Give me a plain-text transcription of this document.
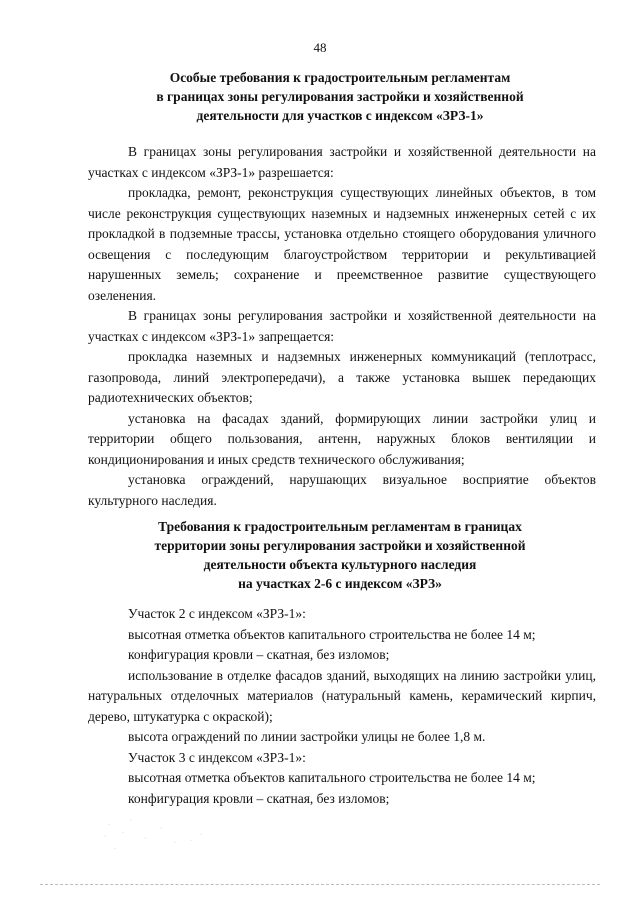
48
Особые требования к градостроительным регламентам
в границах зоны регулирования застройки и хозяйственной
деятельности для участков с индексом «ЗРЗ-1»

В границах зоны регулирования застройки и хозяйственной деятельности на участках с индексом «ЗРЗ-1» разрешается:

прокладка, ремонт, реконструкция существующих линейных объектов, в том числе реконструкция существующих наземных и надземных инженерных сетей с их прокладкой в подземные трассы, установка отдельно стоящего оборудования уличного освещения с последующим благоустройством территории и рекультивацией нарушенных земель; сохранение и преемственное развитие существующего озеленения.

В границах зоны регулирования застройки и хозяйственной деятельности на участках с индексом «ЗРЗ-1» запрещается:

прокладка наземных и надземных инженерных коммуникаций (теплотрасс, газопровода, линий электропередачи), а также установка вышек передающих радиотехнических объектов;

установка на фасадах зданий, формирующих линии застройки улиц и территории общего пользования, антенн, наружных блоков вентиляции и кондиционирования и иных средств технического обслуживания;

установка ограждений, нарушающих визуальное восприятие объектов культурного наследия.

Требования к градостроительным регламентам в границах
территории зоны регулирования застройки и хозяйственной
деятельности объекта культурного наследия
на участках 2-6 с индексом «ЗРЗ»

Участок 2 с индексом «ЗРЗ-1»:

высотная отметка объектов капитального строительства не более 14 м;

конфигурация кровли – скатная, без изломов;

использование в отделке фасадов зданий, выходящих на линию застройки улиц, натуральных отделочных материалов (натуральный камень, керамический кирпич, дерево, штукатурка с окраской);

высота ограждений по линии застройки улицы не более 1,8 м.

Участок 3 с индексом «ЗРЗ-1»:

высотная отметка объектов капитального строительства не более 14 м;

конфигурация кровли – скатная, без изломов;

·
·
·
·
·
·
· ·
·
·
